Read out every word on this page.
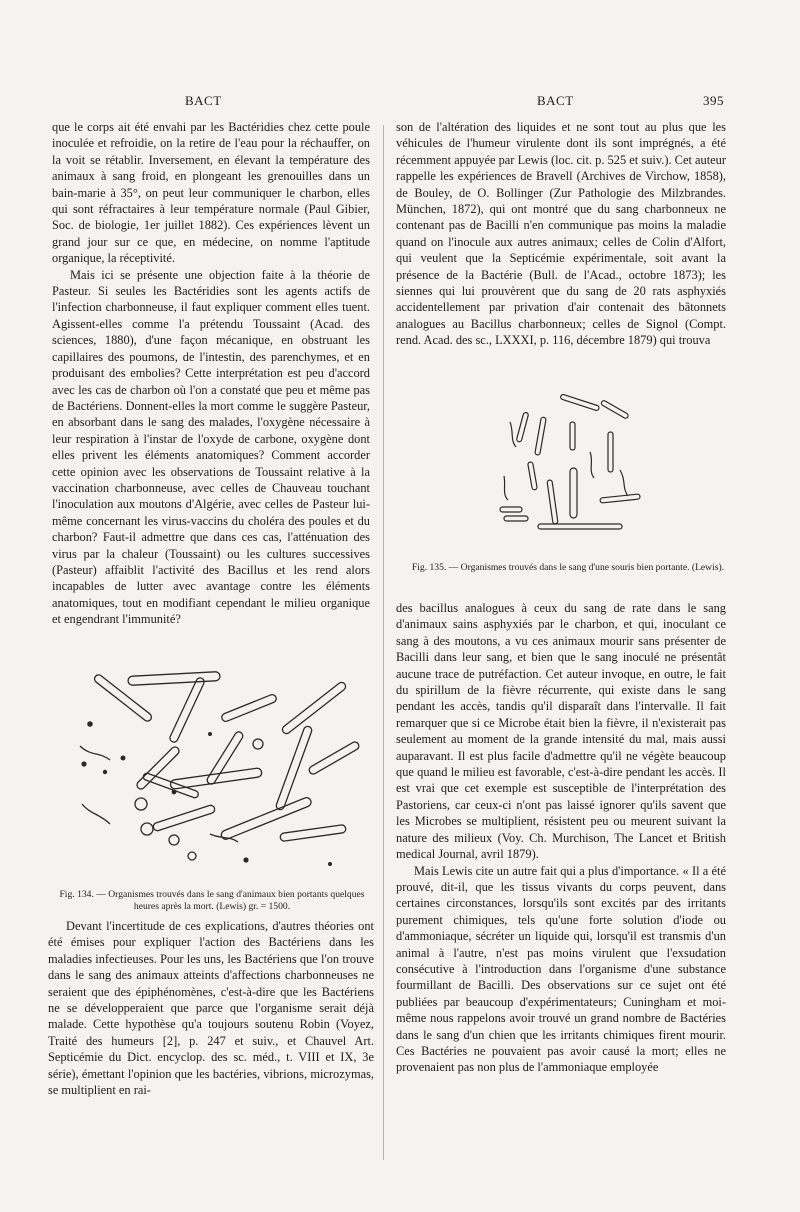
BACT	BACT	395

que le corps ait été envahi par les Bactéridies chez cette poule inoculée et refroidie, on la retire de l'eau pour la réchauffer, on la voit se rétablir. Inversement, en élevant la température des animaux à sang froid, en plongeant les grenouilles dans un bain-marie à 35°, on peut leur communiquer le charbon, elles qui sont réfractaires à leur température normale (Paul Gibier, Soc. de biologie, 1er juillet 1882). Ces expériences lèvent un grand jour sur ce que, en médecine, on nomme l'aptitude organique, la réceptivité.

Mais ici se présente une objection faite à la théorie de Pasteur. Si seules les Bactéridies sont les agents actifs de l'infection charbonneuse, il faut expliquer comment elles tuent. Agissent-elles comme l'a prétendu Toussaint (Acad. des sciences, 1880), d'une façon mécanique, en obstruant les capillaires des poumons, de l'intestin, des parenchymes, et en produisant des embolies? Cette interprétation est peu d'accord avec les cas de charbon où l'on a constaté que peu et même pas de Bactériens. Donnent-elles la mort comme le suggère Pasteur, en absorbant dans le sang des malades, l'oxygène nécessaire à leur respiration à l'instar de l'oxyde de carbone, oxygène dont elles privent les éléments anatomiques? Comment accorder cette opinion avec les observations de Toussaint relative à la vaccination charbonneuse, avec celles de Chauveau touchant l'inoculation aux moutons d'Algérie, avec celles de Pasteur lui-même concernant les virus-vaccins du choléra des poules et du charbon? Faut-il admettre que dans ces cas, l'atténuation des virus par la chaleur (Toussaint) ou les cultures successives (Pasteur) affaiblit l'activité des Bacillus et les rend alors incapables de lutter avec avantage contre les éléments anatomiques, tout en modifiant cependant le milieu organique et engendrant l'immunité?

Fig. 134. — Organismes trouvés dans le sang d'animaux bien portants quelques heures après la mort. (Lewis) gr. = 1500.

Devant l'incertitude de ces explications, d'autres théories ont été émises pour expliquer l'action des Bactériens dans les maladies infectieuses. Pour les uns, les Bactériens que l'on trouve dans le sang des animaux atteints d'affections charbonneuses ne seraient que des épiphénomènes, c'est-à-dire que les Bactériens ne se développeraient que parce que l'organisme serait déjà malade. Cette hypothèse qu'a toujours soutenu Robin (Voyez, Traité des humeurs [2], p. 247 et suiv., et Chauvel Art. Septicémie du Dict. encyclop. des sc. méd., t. VIII et IX, 3e série), émettant l'opinion que les bactéries, vibrions, microzymas, se multiplient en rai-

son de l'altération des liquides et ne sont tout au plus que les véhicules de l'humeur virulente dont ils sont imprégnés, a été récemment appuyée par Lewis (loc. cit. p. 525 et suiv.). Cet auteur rappelle les expériences de Bravell (Archives de Virchow, 1858), de Bouley, de O. Bollinger (Zur Pathologie des Milzbrandes. München, 1872), qui ont montré que du sang charbonneux ne contenant pas de Bacilli n'en communique pas moins la maladie quand on l'inocule aux autres animaux; celles de Colin d'Alfort, qui veulent que la Septicémie expérimentale, soit avant la présence de la Bactérie (Bull. de l'Acad., octobre 1873); les siennes qui lui prouvèrent que du sang de 20 rats asphyxiés accidentellement par privation d'air contenait des bâtonnets analogues au Bacillus charbonneux; celles de Signol (Compt. rend. Acad. des sc., LXXXI, p. 116, décembre 1879) qui trouva

Fig. 135. — Organismes trouvés dans le sang d'une souris bien portante. (Lewis).

des bacillus analogues à ceux du sang de rate dans le sang d'animaux sains asphyxiés par le charbon, et qui, inoculant ce sang à des moutons, a vu ces animaux mourir sans présenter de Bacilli dans leur sang, et bien que le sang inoculé ne présentât aucune trace de putréfaction. Cet auteur invoque, en outre, le fait du spirillum de la fièvre récurrente, qui existe dans le sang pendant les accès, tandis qu'il disparaît dans l'intervalle. Il fait remarquer que si ce Microbe était bien la fièvre, il n'existerait pas seulement au moment de la grande intensité du mal, mais aussi auparavant. Il est plus facile d'admettre qu'il ne végète beaucoup que quand le milieu est favorable, c'est-à-dire pendant les accès. Il est vrai que cet exemple est susceptible de l'interprétation des Pastoriens, car ceux-ci n'ont pas laissé ignorer qu'ils savent que les Microbes se multiplient, résistent peu ou meurent suivant la nature des milieux (Voy. Ch. Murchison, The Lancet et British medical Journal, avril 1879).

Mais Lewis cite un autre fait qui a plus d'importance. « Il a été prouvé, dit-il, que les tissus vivants du corps peuvent, dans certaines circonstances, lorsqu'ils sont excités par des irritants purement chimiques, tels qu'une forte solution d'iode ou d'ammoniaque, sécréter un liquide qui, lorsqu'il est transmis d'un animal à l'autre, n'est pas moins virulent que l'exsudation consécutive à l'introduction dans l'organisme d'une substance fourmillant de Bacilli. Des observations sur ce sujet ont été publiées par beaucoup d'expérimentateurs; Cuningham et moi-même nous rappelons avoir trouvé un grand nombre de Bactéries dans le sang d'un chien que les irritants chimiques firent mourir. Ces Bactéries ne pouvaient pas avoir causé la mort; elles ne provenaient pas non plus de l'ammoniaque employée
